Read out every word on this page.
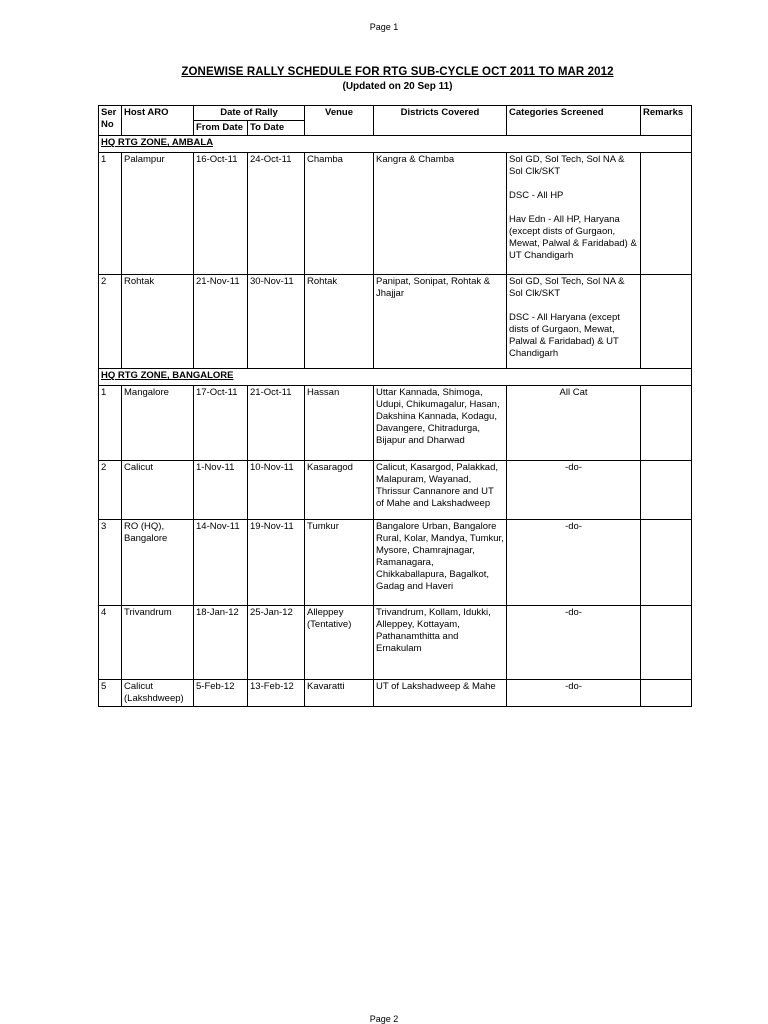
Page 1
ZONEWISE RALLY SCHEDULE FOR RTG SUB-CYCLE OCT 2011 TO MAR 2012
(Updated on 20 Sep 11)
Ser
No	Host ARO	Date of Rally		Venue	Districts Covered	Categories Screened	Remarks
		From Date	To Date				
HQ RTG ZONE, AMBALA							
1	Palampur	16-Oct-11	24-Oct-11	Chamba	Kangra & Chamba	Sol GD, Sol Tech, Sol NA & Sol Clk/SKT
DSC - All HP
Hav Edn - All HP, Haryana (except dists of Gurgaon, Mewat, Palwal & Faridabad) & UT Chandigarh	

2	Rohtak	21-Nov-11	30-Nov-11	Rohtak	Panipat, Sonipat, Rohtak & Jhajjar	Sol GD, Sol Tech, Sol NA & Sol Clk/SKT
DSC - All Haryana (except dists of Gurgaon, Mewat, Palwal & Faridabad) & UT Chandigarh	

HQ RTG ZONE, BANGALORE							
1	Mangalore	17-Oct-11	21-Oct-11	Hassan	Uttar Kannada, Shimoga, Udupi, Chikumagalur, Hasan, Dakshina Kannada, Kodagu, Davangere, Chitradurga, Bijapur and Dharwad	All Cat	

2	Calicut	1-Nov-11	10-Nov-11	Kasaragod	Calicut, Kasargod, Palakkad, Malapuram, Wayanad, Thrissur Cannanore and UT of Mahe and Lakshadweep	-do-	

3	RO (HQ), Bangalore	14-Nov-11	19-Nov-11	Tumkur	Bangalore Urban, Bangalore Rural, Kolar, Mandya, Tumkur, Mysore, Chamrajnagar, Ramanagara, Chikkaballapura, Bagalkot, Gadag and Haveri	-do-	

4	Trivandrum	18-Jan-12	25-Jan-12	Alleppey (Tentative)	Trivandrum, Kollam, Idukki, Alleppey, Kottayam, Pathanamthitta and Ernakulam	-do-	

5	Calicut (Lakshdweep)	5-Feb-12	13-Feb-12	Kavaratti	UT of Lakshadweep & Mahe	-do-	

Page 2
